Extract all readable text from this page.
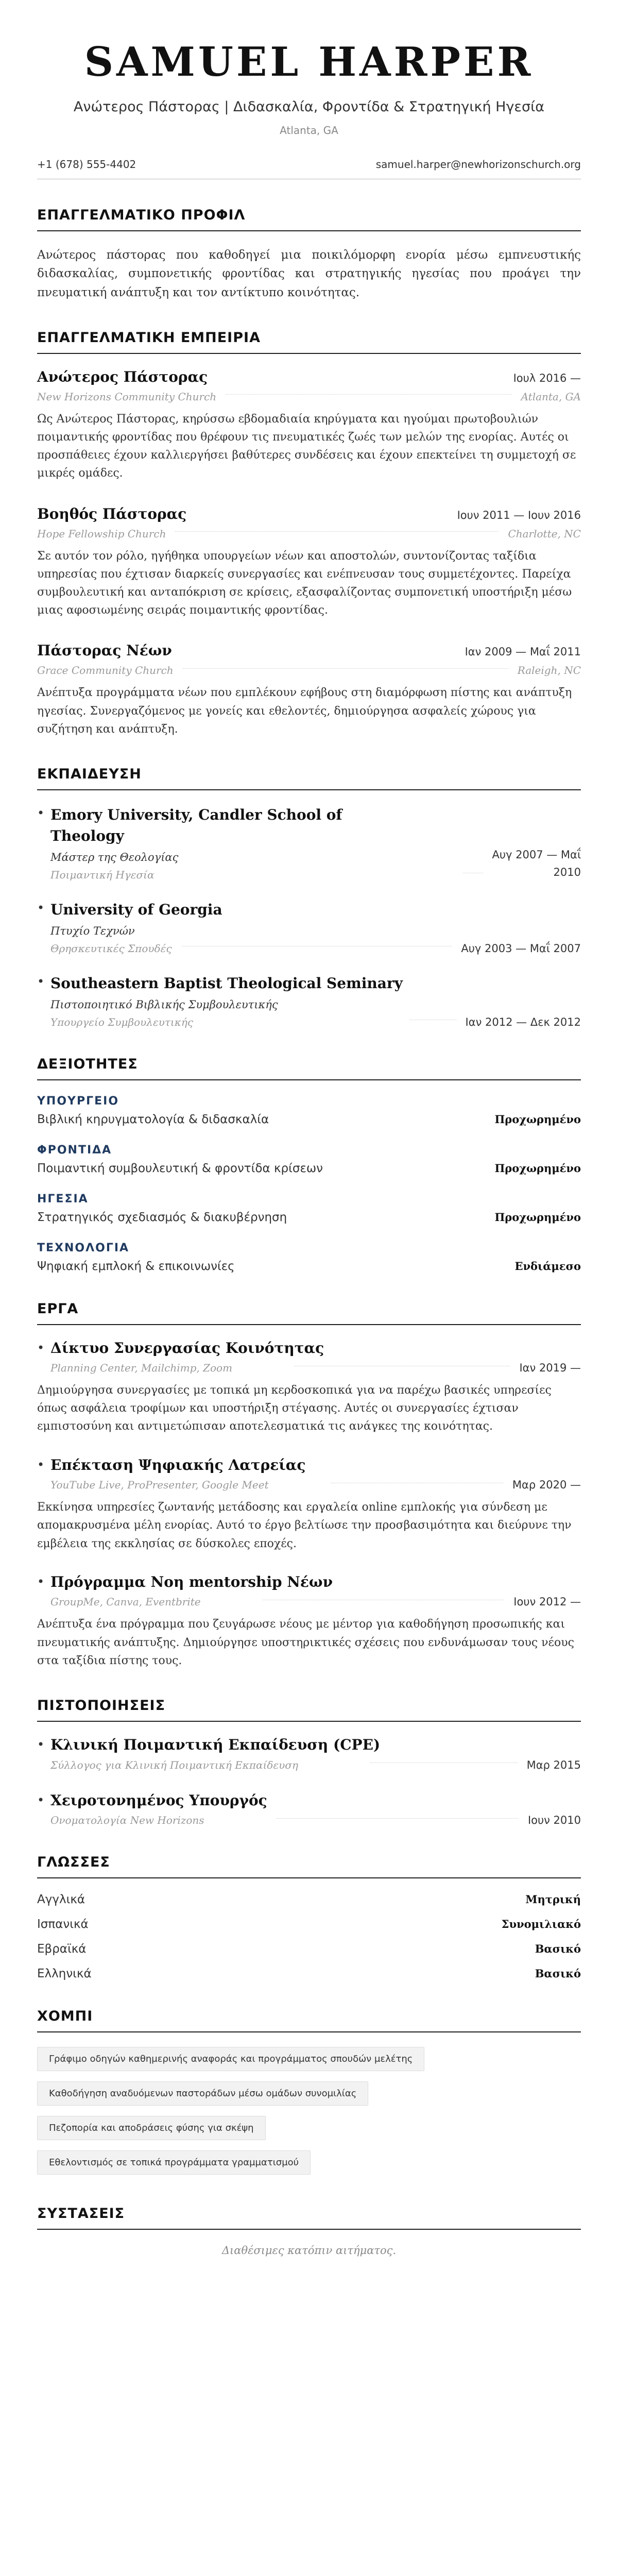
SAMUEL HARPER
Ανώτερος Πάστορας | Διδασκαλία, Φροντίδα & Στρατηγική Ηγεσία
Atlanta, GA
+1 (678) 555-4402	samuel.harper@newhorizonschurch.org
ΕΠΑΓΓΕΛΜΑΤΙΚΟ ΠΡΟΦΙΛ

Ανώτερος πάστορας που καθοδηγεί μια ποικιλόμορφη ενορία μέσω εμπνευστικής διδασκαλίας, συμπονετικής φροντίδας και στρατηγικής ηγεσίας που προάγει την πνευματική ανάπτυξη και τον αντίκτυπο κοινότητας.

ΕΠΑΓΓΕΛΜΑΤΙΚΗ ΕΜΠΕΙΡΙΑ
Ανώτερος Πάστορας	Ιουλ 2016 —
New Horizons Community Church	Atlanta, GA

Ως Ανώτερος Πάστορας, κηρύσσω εβδομαδιαία κηρύγματα και ηγούμαι πρωτοβουλιών ποιμαντικής φροντίδας που θρέφουν τις πνευματικές ζωές των μελών της ενορίας. Αυτές οι προσπάθειες έχουν καλλιεργήσει βαθύτερες συνδέσεις και έχουν επεκτείνει τη συμμετοχή σε μικρές ομάδες.

Βοηθός Πάστορας	Ιουν 2011 — Ιουν 2016
Hope Fellowship Church	Charlotte, NC

Σε αυτόν τον ρόλο, ηγήθηκα υπουργείων νέων και αποστολών, συντονίζοντας ταξίδια υπηρεσίας που έχτισαν διαρκείς συνεργασίες και ενέπνευσαν τους συμμετέχοντες. Παρείχα συμβουλευτική και ανταπόκριση σε κρίσεις, εξασφαλίζοντας συμπονετική υποστήριξη μέσω μιας αφοσιωμένης σειράς ποιμαντικής φροντίδας.

Πάστορας Νέων	Ιαν 2009 — Μαΐ 2011
Grace Community Church	Raleigh, NC

Ανέπτυξα προγράμματα νέων που εμπλέκουν εφήβους στη διαμόρφωση πίστης και ανάπτυξη ηγεσίας. Συνεργαζόμενος με γονείς και εθελοντές, δημιούργησα ασφαλείς χώρους για συζήτηση και ανάπτυξη.

ΕΚΠΑΙΔΕΥΣΗ
• Emory University, Candler School of Theology
Μάστερ της Θεολογίας
Ποιμαντική Ηγεσία
Αυγ 2007 — Μαΐ
2010
• University of Georgia
Πτυχίο Τεχνών
Θρησκευτικές Σπουδές	Αυγ 2003 — Μαΐ 2007
• Southeastern Baptist Theological Seminary
Πιστοποιητικό Βιβλικής Συμβουλευτικής
Υπουργείο Συμβουλευτικής	Ιαν 2012 — Δεκ 2012
ΔΕΞΙΟΤΗΤΕΣ
ΥΠΟΥΡΓΕΙΟ
Βιβλική κηρυγματολογία & διδασκαλία	Προχωρημένο
ΦΡΟΝΤΙΔΑ
Ποιμαντική συμβουλευτική & φροντίδα κρίσεων	Προχωρημένο
ΗΓΕΣΙΑ
Στρατηγικός σχεδιασμός & διακυβέρνηση	Προχωρημένο
ΤΕΧΝΟΛΟΓΙΑ
Ψηφιακή εμπλοκή & επικοινωνίες	Ενδιάμεσο
ΕΡΓΑ
• Δίκτυο Συνεργασίας Κοινότητας
Planning Center, Mailchimp, Zoom	Ιαν 2019 —

Δημιούργησα συνεργασίες με τοπικά μη κερδοσκοπικά για να παρέχω βασικές υπηρεσίες όπως ασφάλεια τροφίμων και υποστήριξη στέγασης. Αυτές οι συνεργασίες έχτισαν εμπιστοσύνη και αντιμετώπισαν αποτελεσματικά τις ανάγκες της κοινότητας.

• Επέκταση Ψηφιακής Λατρείας
YouTube Live, ProPresenter, Google Meet	Μαρ 2020 —

Εκκίνησα υπηρεσίες ζωντανής μετάδοσης και εργαλεία online εμπλοκής για σύνδεση με απομακρυσμένα μέλη ενορίας. Αυτό το έργο βελτίωσε την προσβασιμότητα και διεύρυνε την εμβέλεια της εκκλησίας σε δύσκολες εποχές.

• Πρόγραμμα Nοη mentorship Νέων
GroupMe, Canva, Eventbrite	Ιουν 2012 —

Ανέπτυξα ένα πρόγραμμα που ζευγάρωσε νέους με μέντορ για καθοδήγηση προσωπικής και πνευματικής ανάπτυξης. Δημιούργησε υποστηρικτικές σχέσεις που ενδυνάμωσαν τους νέους στα ταξίδια πίστης τους.

ΠΙΣΤΟΠΟΙΗΣΕΙΣ
• Κλινική Ποιμαντική Εκπαίδευση (CPE)
Σύλλογος για Κλινική Ποιμαντική Εκπαίδευση	Μαρ 2015
• Χειροτονημένος Υπουργός
Ονοματολογία New Horizons	Ιουν 2010
ΓΛΩΣΣΕΣ
Αγγλικά	Μητρική
Ισπανικά	Συνομιλιακό
Εβραϊκά	Βασικό
Ελληνικά	Βασικό
ΧΟΜΠΙ
Γράφιμο οδηγών καθημερινής αναφοράς και προγράμματος σπουδών μελέτης
Καθοδήγηση αναδυόμενων παστοράδων μέσω ομάδων συνομιλίας
Πεζοπορία και αποδράσεις φύσης για σκέψη
Εθελοντισμός σε τοπικά προγράμματα γραμματισμού
ΣΥΣΤΑΣΕΙΣ
Διαθέσιμες κατόπιν αιτήματος.
